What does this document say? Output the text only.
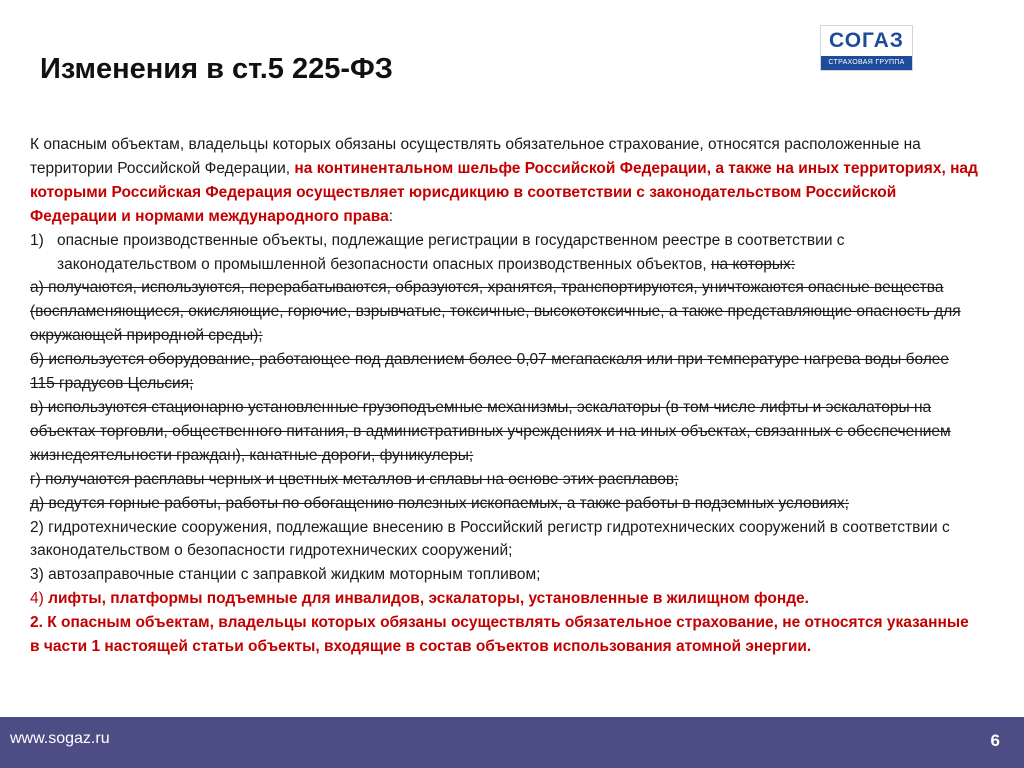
Изменения в ст.5 225-ФЗ
СОГАЗ
СТРАХОВАЯ ГРУППА

К опасным объектам, владельцы которых обязаны осуществлять обязательное страхование, относятся расположенные на территории Российской Федерации, на континентальном шельфе Российской Федерации, а также на иных территориях, над которыми Российская Федерация осуществляет юрисдикцию в соответствии с законодательством Российской Федерации и нормами международного права:

1) опасные производственные объекты, подлежащие регистрации в государственном реестре в соответствии с законодательством о промышленной безопасности опасных производственных объектов, на которых:

а) получаются, используются, перерабатываются, образуются, хранятся, транспортируются, уничтожаются опасные вещества (воспламеняющиеся, окисляющие, горючие, взрывчатые, токсичные, высокотоксичные, а также представляющие опасность для окружающей природной среды);

б) используется оборудование, работающее под давлением более 0,07 мегапаскаля или при температуре нагрева воды более 115 градусов Цельсия;

в) используются стационарно установленные грузоподъемные механизмы, эскалаторы (в том числе лифты и эскалаторы на объектах торговли, общественного питания, в административных учреждениях и на иных объектах, связанных с обеспечением жизнедеятельности граждан), канатные дороги, фуникулеры;

г) получаются расплавы черных и цветных металлов и сплавы на основе этих расплавов;

д) ведутся горные работы, работы по обогащению полезных ископаемых, а также работы в подземных условиях;

2) гидротехнические сооружения, подлежащие внесению в Российский регистр гидротехнических сооружений в соответствии с законодательством о безопасности гидротехнических сооружений;

3) автозаправочные станции с заправкой жидким моторным топливом;

4) лифты, платформы подъемные для инвалидов, эскалаторы, установленные в жилищном фонде.

2. К опасным объектам, владельцы которых обязаны осуществлять обязательное страхование, не относятся указанные в части 1 настоящей статьи объекты, входящие в состав объектов использования атомной энергии.

www.sogaz.ru	6
